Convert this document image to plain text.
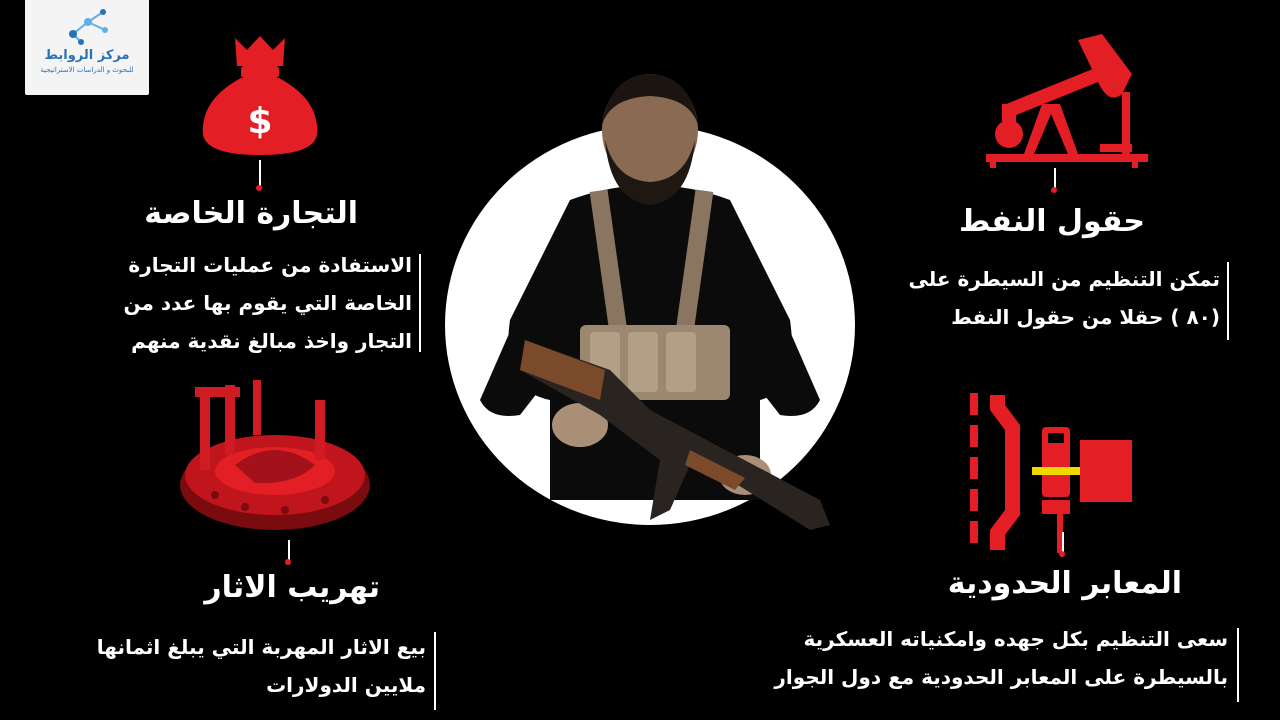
مركز الروابط
للبحوث و الدراسات الاستراتيجية
$
التجارة الخاصة
الاستفادة من عمليات التجارة
الخاصة التي يقوم بها عدد من
التجار واخذ مبالغ نقدية منهم
حقول النفط
تمكن التنظيم من السيطرة على
(٨٠ ) حقلا من حقول النفط
تهريب الاثار
بيع الاثار المهربة التي يبلغ اثمانها
ملايين الدولارات
المعابر الحدودية
سعى التنظيم بكل جهده وامكنياته العسكرية
بالسيطرة على المعابر الحدودية مع دول الجوار
